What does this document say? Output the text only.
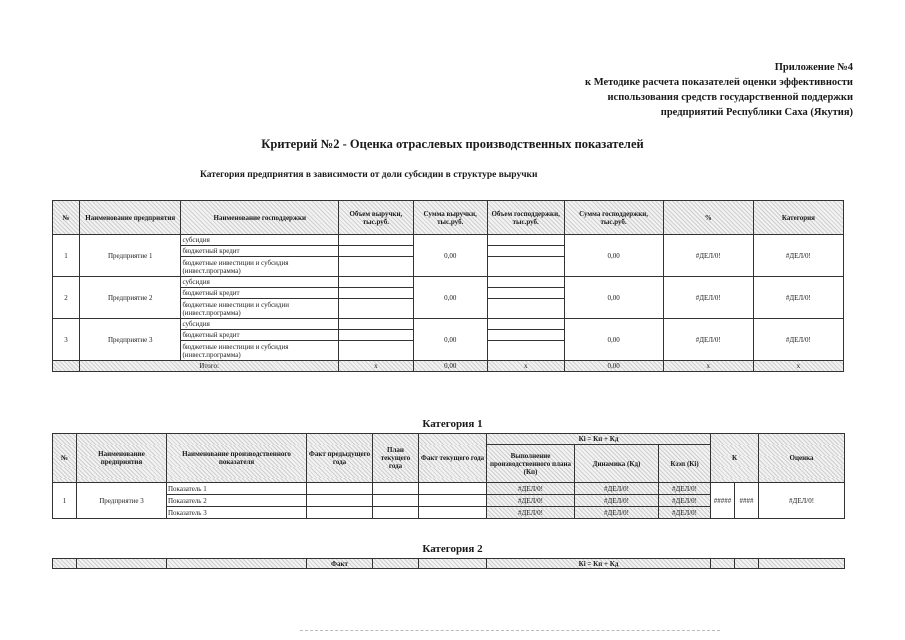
Приложение №4
к Методике расчета показателей оценки эффективности
использования средств государственной поддержки
предприятий Республики Саха (Якутия)
Критерий №2 - Оценка отраслевых производственных показателей
Категория предприятия в зависимости от доли субсидии в структуре выручки
№	Наименование предприятия	Наименование господдержки	Объем выручки, тыс.руб.	Сумма выручки, тыс.руб.	Объем господдержки, тыс.руб.	Сумма господдержки, тыс.руб.	%	Категория
1	Предприятие 1	субсидия		0,00		0,00	#ДЕЛ/0!	#ДЕЛ/0!
		бюджетный кредит						
		бюджетные инвестиции и субсидия (инвест.программа)						
2	Предприятие 2	субсидия		0,00		0,00	#ДЕЛ/0!	#ДЕЛ/0!
		бюджетный кредит						
		бюджетные инвестиции и субсидии (инвест.программа)						
3	Предприятие 3	субсидия		0,00		0,00	#ДЕЛ/0!	#ДЕЛ/0!
		бюджетный кредит						
		бюджетные инвестиции и субсидия (инвест.программа)						
	Итого:		x	0,00	x	0,00	x	x
Категория 1
№	Наименование предприятия	Наименование производственного показателя	Факт предыдущего года	План текущего года	Факт текущего года	Кi = Кп + Кд			К		Оценка
						Выполнение производственного плана (Кп)	Динамика (Кд)	Кзэп (Кi)			
1	Предприятие 3	Показатель 1				#ДЕЛ/0!	#ДЕЛ/0!	#ДЕЛ/0!	#####	####	#ДЕЛ/0!
		Показатель 2				#ДЕЛ/0!	#ДЕЛ/0!	#ДЕЛ/0!			
		Показатель 3				#ДЕЛ/0!	#ДЕЛ/0!	#ДЕЛ/0!			
Категория 2
			Факт			Кi = Кп + Кд			
